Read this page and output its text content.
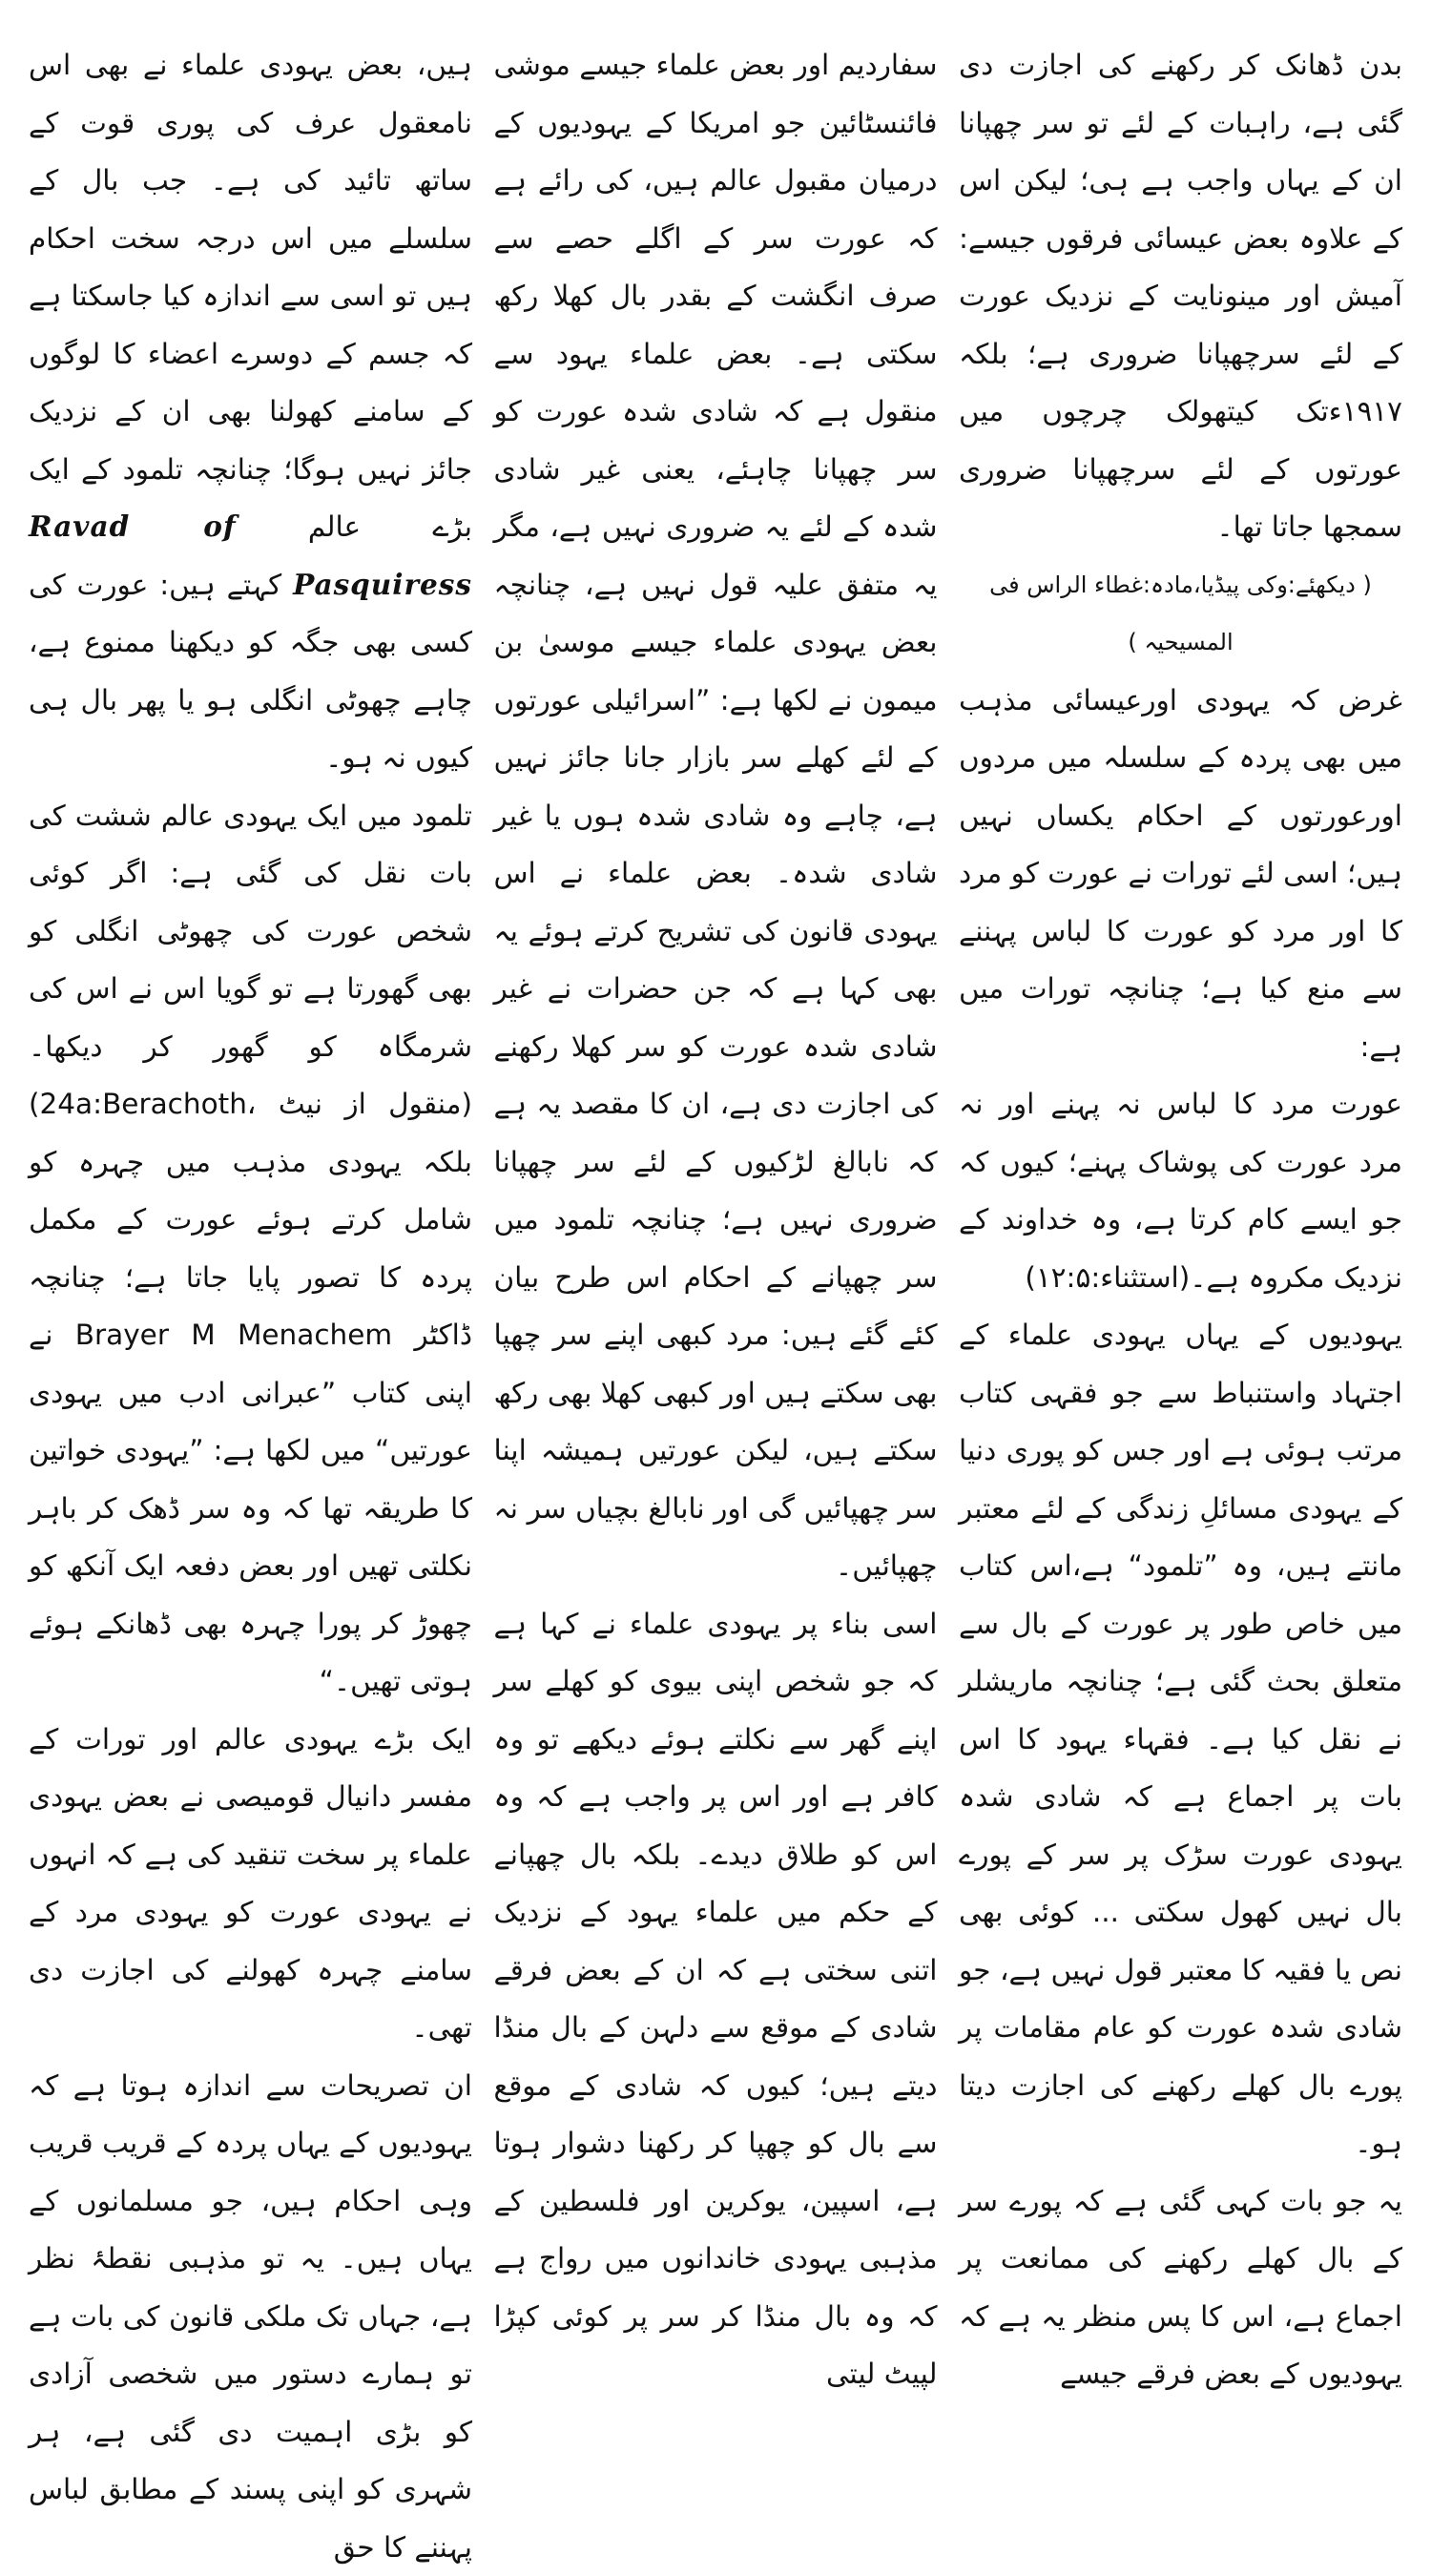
بدن ڈھانک کر رکھنے کی اجازت دی گئی ہے، راہبات کے لئے تو سر چھپانا ان کے یہاں واجب ہے ہی؛ لیکن اس کے علاوہ بعض عیسائی فرقوں جیسے: آمیش اور مینونایت کے نزدیک عورت کے لئے سرچھپانا ضروری ہے؛ بلکہ ۱۹۱۷ءتک کیتھولک چرچوں میں عورتوں کے لئے سرچھپانا ضروری سمجھا جاتا تھا۔

( دیکھئے:وکی پیڈیا،مادہ:غطاء الراس فی المسیحیہ )

غرض کہ یہودی اورعیسائی مذہب میں بھی پردہ کے سلسلہ میں مردوں اورعورتوں کے احکام یکساں نہیں ہیں؛ اسی لئے تورات نے عورت کو مرد کا اور مرد کو عورت کا لباس پہننے سے منع کیا ہے؛ چنانچہ تورات میں ہے:

عورت مرد کا لباس نہ پہنے اور نہ مرد عورت کی پوشاک پہنے؛ کیوں کہ جو ایسے کام کرتا ہے، وہ خداوند کے نزدیک مکروہ ہے۔(استثناء:۱۲:۵)

یہودیوں کے یہاں یہودی علماء کے اجتہاد واستنباط سے جو فقہی کتاب مرتب ہوئی ہے اور جس کو پوری دنیا کے یہودی مسائلِ زندگی کے لئے معتبر مانتے ہیں، وہ ”تلمود“ ہے،اس کتاب میں خاص طور پر عورت کے بال سے متعلق بحث گئی ہے؛ چنانچہ ماریشلر نے نقل کیا ہے۔ فقہاء یہود کا اس بات پر اجماع ہے کہ شادی شدہ یہودی عورت سڑک پر سر کے پورے بال نہیں کھول سکتی ... کوئی بھی نص یا فقیہ کا معتبر قول نہیں ہے، جو شادی شدہ عورت کو عام مقامات پر پورے بال کھلے رکھنے کی اجازت دیتا ہو۔

یہ جو بات کہی گئی ہے کہ پورے سر کے بال کھلے رکھنے کی ممانعت پر اجماع ہے، اس کا پس منظر یہ ہے کہ یہودیوں کے بعض فرقے جیسے

سفاردیم اور بعض علماء جیسے موشی فائنسٹائین جو امریکا کے یہودیوں کے درمیان مقبول عالم ہیں، کی رائے ہے کہ عورت سر کے اگلے حصے سے صرف انگشت کے بقدر بال کھلا رکھ سکتی ہے۔ بعض علماء یہود سے منقول ہے کہ شادی شدہ عورت کو سر چھپانا چاہئے، یعنی غیر شادی شدہ کے لئے یہ ضروری نہیں ہے، مگر یہ متفق علیہ قول نہیں ہے، چنانچہ بعض یہودی علماء جیسے موسیٰ بن میمون نے لکھا ہے: ”اسرائیلی عورتوں کے لئے کھلے سر بازار جانا جائز نہیں ہے، چاہے وہ شادی شدہ ہوں یا غیر شادی شدہ۔ بعض علماء نے اس یہودی قانون کی تشریح کرتے ہوئے یہ بھی کہا ہے کہ جن حضرات نے غیر شادی شدہ عورت کو سر کھلا رکھنے کی اجازت دی ہے، ان کا مقصد یہ ہے کہ نابالغ لڑکیوں کے لئے سر چھپانا ضروری نہیں ہے؛ چنانچہ تلمود میں سر چھپانے کے احکام اس طرح بیان کئے گئے ہیں: مرد کبھی اپنے سر چھپا بھی سکتے ہیں اور کبھی کھلا بھی رکھ سکتے ہیں، لیکن عورتیں ہمیشہ اپنا سر چھپائیں گی اور نابالغ بچیاں سر نہ چھپائیں۔

اسی بناء پر یہودی علماء نے کہا ہے کہ جو شخص اپنی بیوی کو کھلے سر اپنے گھر سے نکلتے ہوئے دیکھے تو وہ کافر ہے اور اس پر واجب ہے کہ وہ اس کو طلاق دیدے۔ بلکہ بال چھپانے کے حکم میں علماء یہود کے نزدیک اتنی سختی ہے کہ ان کے بعض فرقے شادی کے موقع سے دلہن کے بال منڈا دیتے ہیں؛ کیوں کہ شادی کے موقع سے بال کو چھپا کر رکھنا دشوار ہوتا ہے، اسپین، یوکرین اور فلسطین کے مذہبی یہودی خاندانوں میں رواج ہے کہ وہ بال منڈا کر سر پر کوئی کپڑا لپیٹ لیتی

ہیں، بعض یہودی علماء نے بھی اس نامعقول عرف کی پوری قوت کے ساتھ تائید کی ہے۔ جب بال کے سلسلے میں اس درجہ سخت احکام ہیں تو اسی سے اندازہ کیا جاسکتا ہے کہ جسم کے دوسرے اعضاء کا لوگوں کے سامنے کھولنا بھی ان کے نزدیک جائز نہیں ہوگا؛ چنانچہ تلمود کے ایک بڑے عالم Ravad of Pasquiress کہتے ہیں: عورت کی کسی بھی جگہ کو دیکھنا ممنوع ہے، چاہے چھوٹی انگلی ہو یا پھر بال ہی کیوں نہ ہو۔

تلمود میں ایک یہودی عالم ششت کی بات نقل کی گئی ہے: اگر کوئی شخص عورت کی چھوٹی انگلی کو بھی گھورتا ہے تو گویا اس نے اس کی شرمگاہ کو گھور کر دیکھا۔ (24a:Berachoth، منقول از نیٹ) بلکہ یہودی مذہب میں چہرہ کو شامل کرتے ہوئے عورت کے مکمل پردہ کا تصور پایا جاتا ہے؛ چنانچہ ڈاکٹر Brayer M Menachem نے اپنی کتاب ”عبرانی ادب میں یہودی عورتیں“ میں لکھا ہے: ”یہودی خواتین کا طریقہ تھا کہ وہ سر ڈھک کر باہر نکلتی تھیں اور بعض دفعہ ایک آنکھ کو چھوڑ کر پورا چہرہ بھی ڈھانکے ہوئے ہوتی تھیں۔“

ایک بڑے یہودی عالم اور تورات کے مفسر دانیال قومیصی نے بعض یہودی علماء پر سخت تنقید کی ہے کہ انہوں نے یہودی عورت کو یہودی مرد کے سامنے چہرہ کھولنے کی اجازت دی تھی۔

ان تصریحات سے اندازہ ہوتا ہے کہ یہودیوں کے یہاں پردہ کے قریب قریب وہی احکام ہیں، جو مسلمانوں کے یہاں ہیں۔ یہ تو مذہبی نقطۂ نظر ہے، جہاں تک ملکی قانون کی بات ہے تو ہمارے دستور میں شخصی آزادی کو بڑی اہمیت دی گئی ہے، ہر شہری کو اپنی پسند کے مطابق لباس پہننے کا حق
